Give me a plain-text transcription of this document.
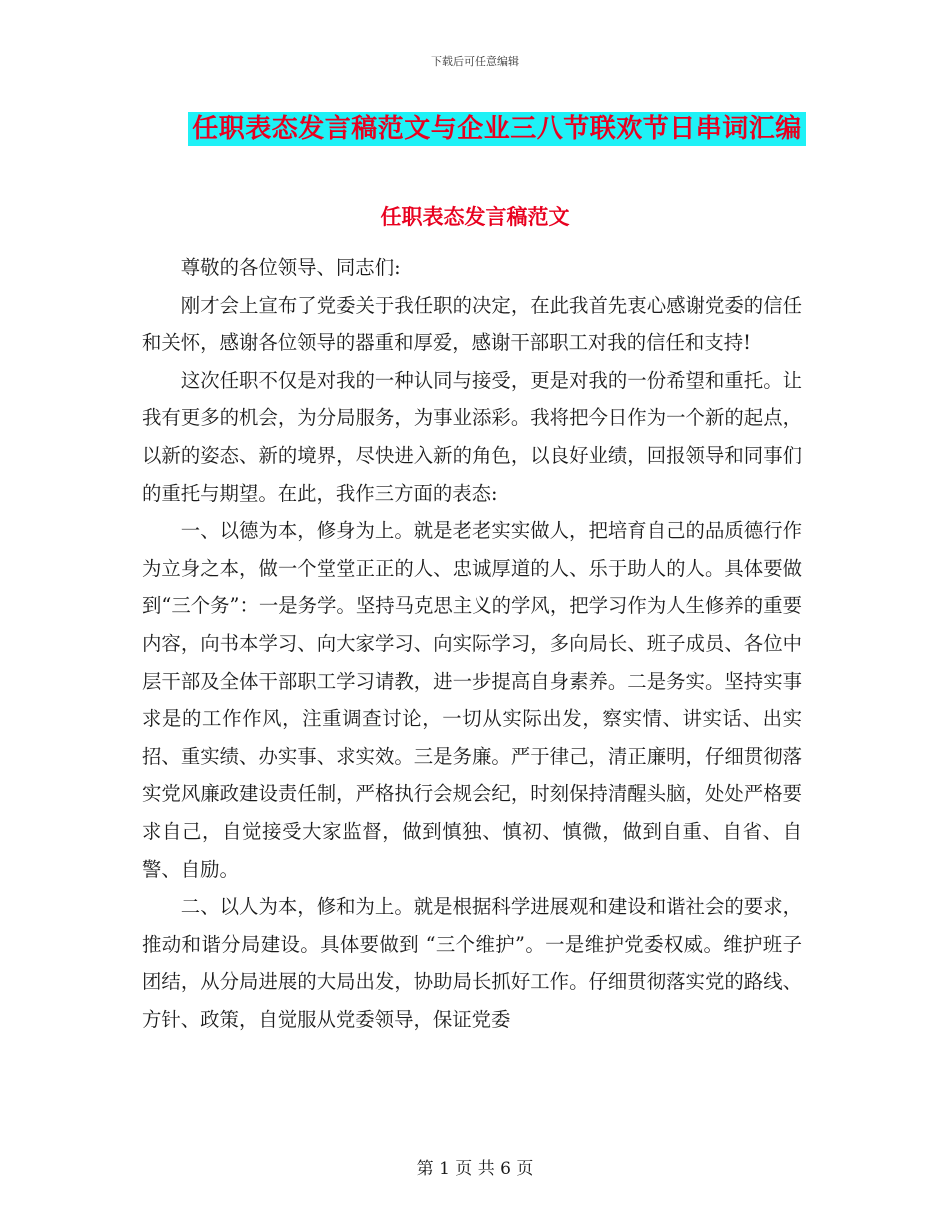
下载后可任意编辑
任职表态发言稿范文与企业三八节联欢节日串词汇编
任职表态发言稿范文

尊敬的各位领导、同志们:

刚才会上宣布了党委关于我任职的决定，在此我首先衷心感谢党委的信任和关怀，感谢各位领导的器重和厚爱，感谢干部职工对我的信任和支持!

这次任职不仅是对我的一种认同与接受，更是对我的一份希望和重托。让我有更多的机会，为分局服务，为事业添彩。我将把今日作为一个新的起点，以新的姿态、新的境界，尽快进入新的角色，以良好业绩，回报领导和同事们的重托与期望。在此，我作三方面的表态:

一、以德为本，修身为上。就是老老实实做人，把培育自己的品质德行作为立身之本，做一个堂堂正正的人、忠诚厚道的人、乐于助人的人。具体要做到“三个务”：一是务学。坚持马克思主义的学风，把学习作为人生修养的重要内容，向书本学习、向大家学习、向实际学习，多向局长、班子成员、各位中层干部及全体干部职工学习请教，进一步提高自身素养。二是务实。坚持实事求是的工作作风，注重调查讨论，一切从实际出发，察实情、讲实话、出实招、重实绩、办实事、求实效。三是务廉。严于律己，清正廉明，仔细贯彻落实党风廉政建设责任制，严格执行会规会纪，时刻保持清醒头脑，处处严格要求自己，自觉接受大家监督，做到慎独、慎初、慎微，做到自重、自省、自警、自励。

二、以人为本，修和为上。就是根据科学进展观和建设和谐社会的要求，推动和谐分局建设。具体要做到 “三个维护”。一是维护党委权威。维护班子团结，从分局进展的大局出发，协助局长抓好工作。仔细贯彻落实党的路线、方针、政策，自觉服从党委领导，保证党委

第 1 页 共 6 页
